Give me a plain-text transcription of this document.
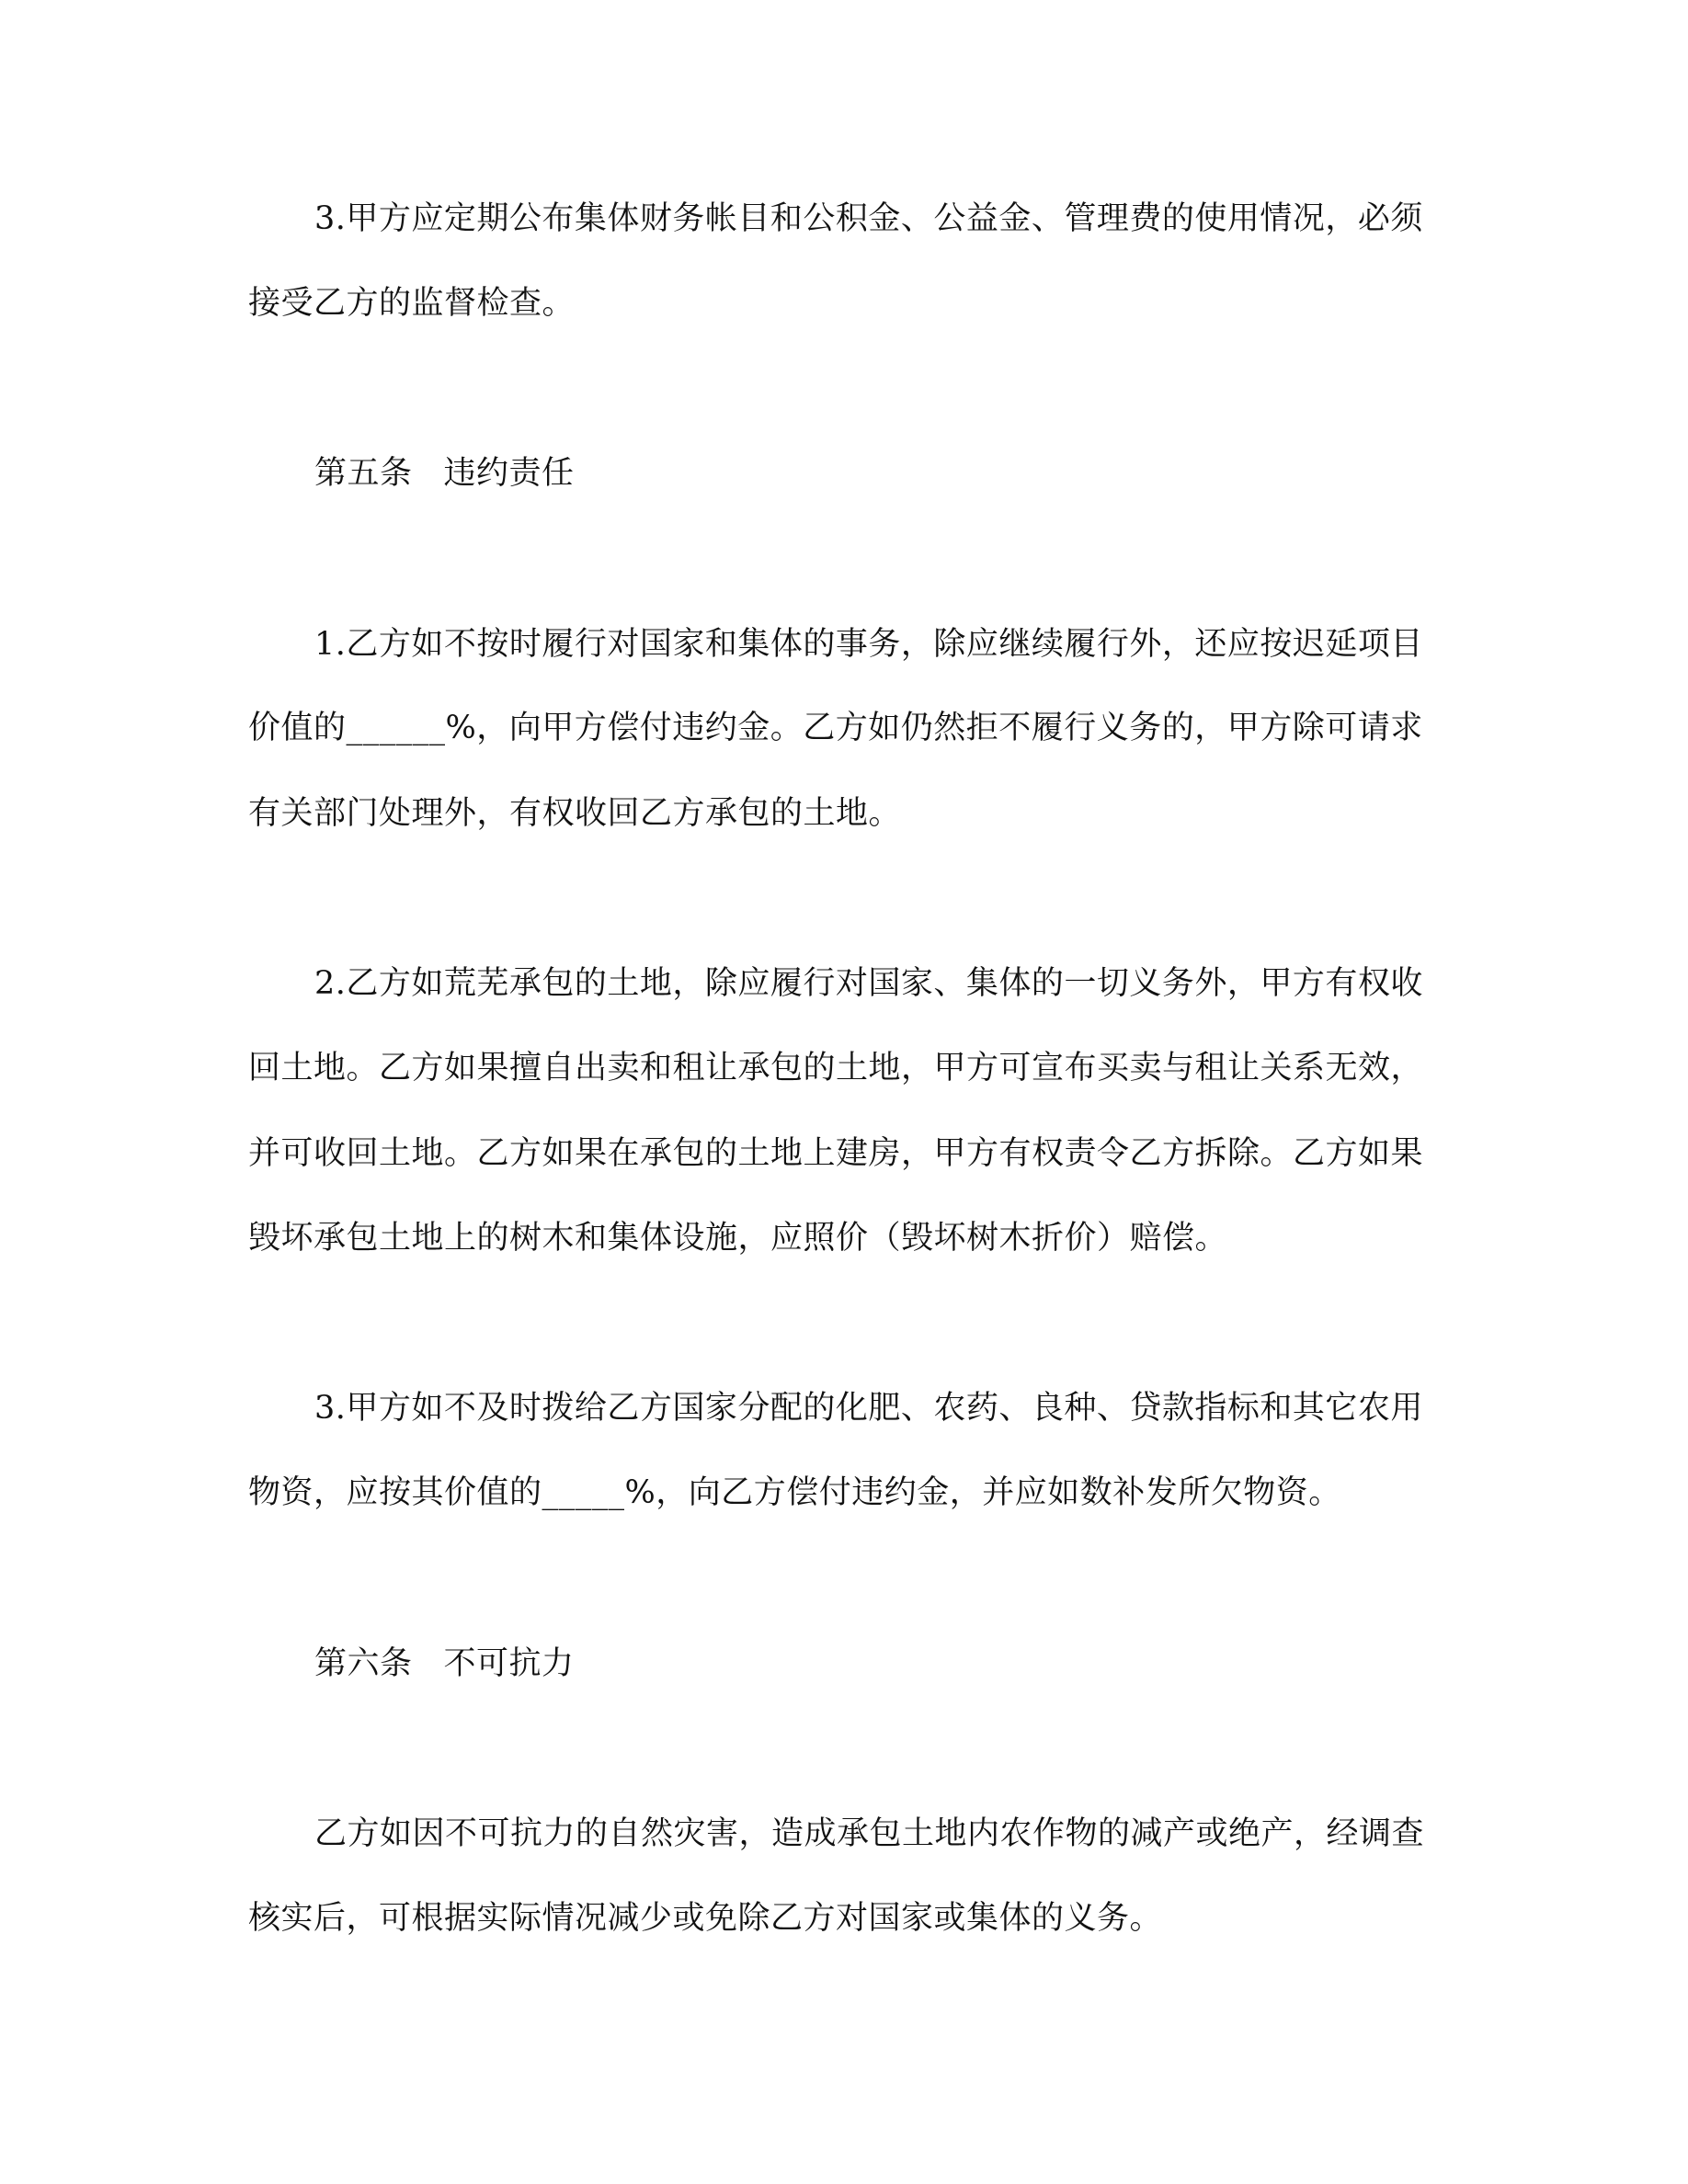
3.甲方应定期公布集体财务帐目和公积金、公益金、管理费的使用情况，必须
接受乙方的监督检查。
第五条 违约责任
1.乙方如不按时履行对国家和集体的事务，除应继续履行外，还应按迟延项目
价值的______%，向甲方偿付违约金。乙方如仍然拒不履行义务的，甲方除可请求
有关部门处理外，有权收回乙方承包的土地。
2.乙方如荒芜承包的土地，除应履行对国家、集体的一切义务外，甲方有权收
回土地。乙方如果擅自出卖和租让承包的土地，甲方可宣布买卖与租让关系无效，
并可收回土地。乙方如果在承包的土地上建房，甲方有权责令乙方拆除。乙方如果
毁坏承包土地上的树木和集体设施，应照价（毁坏树木折价）赔偿。
3.甲方如不及时拨给乙方国家分配的化肥、农药、良种、贷款指标和其它农用
物资，应按其价值的_____%，向乙方偿付违约金，并应如数补发所欠物资。
第六条 不可抗力
乙方如因不可抗力的自然灾害，造成承包土地内农作物的减产或绝产，经调查
核实后，可根据实际情况减少或免除乙方对国家或集体的义务。
